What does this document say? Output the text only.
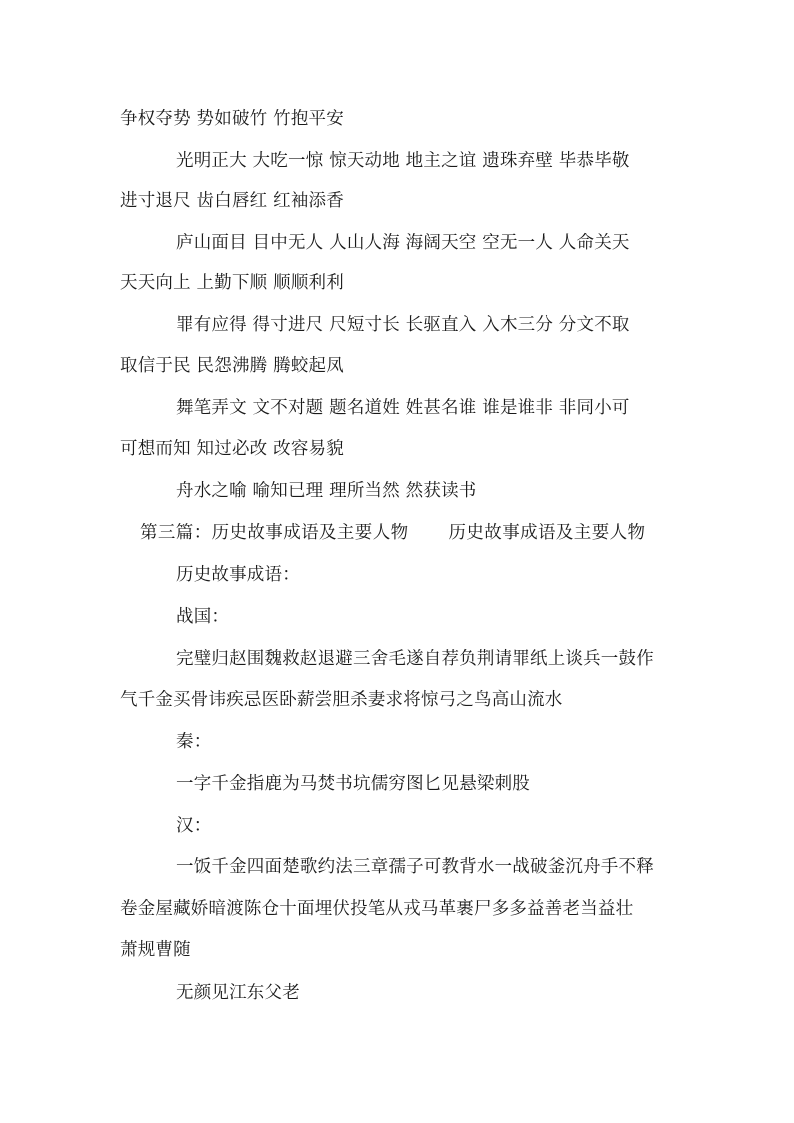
争权夺势 势如破竹 竹抱平安
光明正大 大吃一惊 惊天动地 地主之谊 遗珠弃壁 毕恭毕敬
进寸退尺 齿白唇红 红袖添香
庐山面目 目中无人 人山人海 海阔天空 空无一人 人命关天
天天向上 上勤下顺 顺顺利利
罪有应得 得寸进尺 尺短寸长 长驱直入 入木三分 分文不取
取信于民 民怨沸腾 腾蛟起凤
舞笔弄文 文不对题 题名道姓 姓甚名谁 谁是谁非 非同小可
可想而知 知过必改 改容易貌
舟水之喻 喻知已理 理所当然 然获读书
第三篇：历史故事成语及主要人物 历史故事成语及主要人物
历史故事成语：
战国：
完璧归赵围魏救赵退避三舍毛遂自荐负荆请罪纸上谈兵一鼓作
气千金买骨讳疾忌医卧薪尝胆杀妻求将惊弓之鸟高山流水
秦：
一字千金指鹿为马焚书坑儒穷图匕见悬梁刺股
汉：
一饭千金四面楚歌约法三章孺子可教背水一战破釜沉舟手不释
卷金屋藏娇暗渡陈仓十面埋伏投笔从戎马革裹尸多多益善老当益壮
萧规曹随
无颜见江东父老
